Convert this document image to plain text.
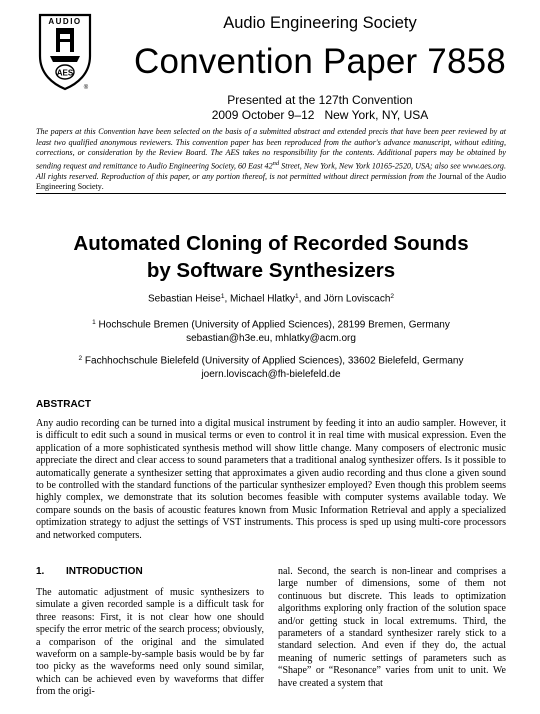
AUDIO
AES
®
Audio Engineering Society
Convention Paper 7858
Presented at the 127th Convention
2009 October 9–12   New York, NY, USA
The papers at this Convention have been selected on the basis of a submitted abstract and extended precis that have been peer reviewed by at least two qualified anonymous reviewers. This convention paper has been reproduced from the author's advance manuscript, without editing, corrections, or consideration by the Review Board. The AES takes no responsibility for the contents. Additional papers may be obtained by sending request and remittance to Audio Engineering Society, 60 East 42nd Street, New York, New York 10165-2520, USA; also see www.aes.org. All rights reserved. Reproduction of this paper, or any portion thereof, is not permitted without direct permission from the Journal of the Audio Engineering Society.
Automated Cloning of Recorded Sounds
by Software Synthesizers
Sebastian Heise$^1$, Michael Hlatky$^1$, and Jörn Loviscach$^2$
$^1$ Hochschule Bremen (University of Applied Sciences), 28199 Bremen, Germany
sebastian@h3e.eu, mhlatky@acm.org
$^2$ Fachhochschule Bielefeld (University of Applied Sciences), 33602 Bielefeld, Germany
joern.loviscach@fh-bielefeld.de
ABSTRACT
Any audio recording can be turned into a digital musical instrument by feeding it into an audio sampler. However, it is difficult to edit such a sound in musical terms or even to control it in real time with musical expression. Even the application of a more sophisticated synthesis method will show little change. Many composers of electronic music appreciate the direct and clear access to sound parameters that a traditional analog synthesizer offers. Is it possible to automatically generate a synthesizer setting that approximates a given audio recording and thus clone a given sound to be controlled with the standard functions of the particular synthesizer employed? Even though this problem seems highly complex, we demonstrate that its solution becomes feasible with computer systems available today. We compare sounds on the basis of acoustic features known from Music Information Retrieval and apply a specialized optimization strategy to adjust the settings of VST instruments. This process is sped up using multi-core processors and networked computers.
1. INTRODUCTION
The automatic adjustment of music synthesizers to simulate a given recorded sample is a difficult task for three reasons: First, it is not clear how one should specify the error metric of the search process; obviously, a comparison of the original and the simulated waveform on a sample-by-sample basis would be by far too picky as the waveforms need only sound similar, which can be achieved even by waveforms that differ from the origi-
nal. Second, the search is non-linear and comprises a large number of dimensions, some of them not continuous but discrete. This leads to optimization algorithms exploring only fraction of the solution space and/or getting stuck in local extremums. Third, the parameters of a standard synthesizer rarely stick to a standard selection. And even if they do, the actual meaning of numeric settings of parameters such as “Shape” or “Resonance” varies from unit to unit. We have created a system that
